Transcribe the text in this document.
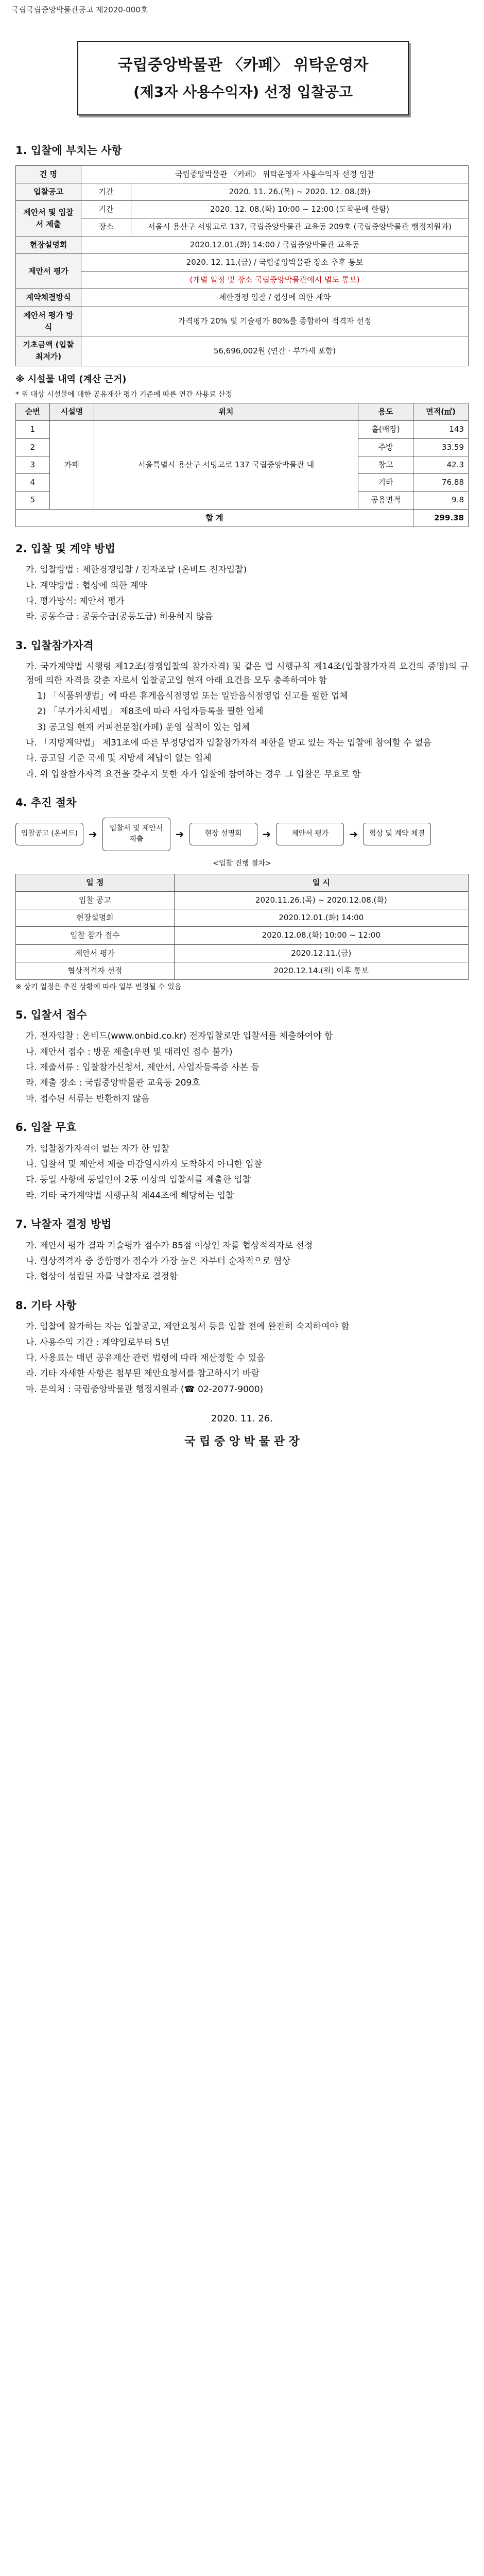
국립국립중앙박물관공고 제2020-000호
국립중앙박물관 〈카페〉 위탁운영자
(제3자 사용수익자) 선정 입찰공고
1. 입찰에 부치는 사항
건 명	국립중앙박물관 〈카페〉 위탁운영자 사용수익자 선정 입찰	
입찰공고	기간	2020. 11. 26.(목) ~ 2020. 12. 08.(화)
제안서 및 입찰서 제출	기간	2020. 12. 08.(화) 10:00 ~ 12:00 (도착분에 한함)
	장소	서울시 용산구 서빙고로 137, 국립중앙박물관 교육동 209호 (국립중앙박물관 행정지원과)
현장설명회	2020.12.01.(화) 14:00 / 국립중앙박물관 교육동	
제안서 평가	2020. 12. 11.(금) / 국립중앙박물관 장소 추후 통보	
	(개별 일정 및 장소 국립중앙박물관에서 별도 통보)	
계약체결방식	제한경쟁 입찰 / 협상에 의한 계약	
제안서 평가 방식	가격평가 20% 및 기술평가 80%를 종합하여 적격자 선정	
기초금액 (입찰 최저가)	56,696,002원 (연간 · 부가세 포함)	
※ 시설물 내역 (계산 근거)

* 위 대상 시설물에 대한 공유재산 평가 기준에 따른 연간 사용료 산정

순번	시설명	위치	용도	면적(㎡)
1	카페	서울특별시 용산구 서빙고로 137 국립중앙박물관 내	홀(매장)	143
2			주방	33.59
3			창고	42.3
4			기타	76.88
5			공용면적	9.8
합 계				299.38
2. 입찰 및 계약 방법

가. 입찰방법 : 제한경쟁입찰 / 전자조달 (온비드 전자입찰)

나. 계약방법 : 협상에 의한 계약

다. 평가방식: 제안서 평가

라. 공동수급 : 공동수급(공동도급) 허용하지 않음

3. 입찰참가자격

가. 국가계약법 시행령 제12조(경쟁입찰의 참가자격) 및 같은 법 시행규칙 제14조(입찰참가자격 요건의 증명)의 규정에 의한 자격을 갖춘 자로서 입찰공고일 현재 아래 요건을 모두 충족하여야 함

1) 「식품위생법」에 따른 휴게음식점영업 또는 일반음식점영업 신고를 필한 업체

2) 「부가가치세법」 제8조에 따라 사업자등록을 필한 업체

3) 공고일 현재 커피전문점(카페) 운영 실적이 있는 업체

나. 「지방계약법」 제31조에 따른 부정당업자 입찰참가자격 제한을 받고 있는 자는 입찰에 참여할 수 없음

다. 공고일 기준 국세 및 지방세 체납이 없는 업체

라. 위 입찰참가자격 요건을 갖추지 못한 자가 입찰에 참여하는 경우 그 입찰은 무효로 함

4. 추진 절차
입찰공고 (온비드)	➜	입찰서 및 제안서 제출	➜	현장 설명회	➜	제안서 평가	➜	협상 및 계약 체결
<입찰 진행 절차>
일 정	일 시
입찰 공고	2020.11.26.(목) ~ 2020.12.08.(화)
현장설명회	2020.12.01.(화) 14:00
입찰 참가 접수	2020.12.08.(화) 10:00 ~ 12:00
제안서 평가	2020.12.11.(금)
협상적격자 선정	2020.12.14.(월) 이후 통보

※ 상기 일정은 추진 상황에 따라 일부 변경될 수 있음

5. 입찰서 접수

가. 전자입찰 : 온비드(www.onbid.co.kr) 전자입찰로만 입찰서를 제출하여야 함

나. 제안서 접수 : 방문 제출(우편 및 대리인 접수 불가)

다. 제출서류 : 입찰참가신청서, 제안서, 사업자등록증 사본 등

라. 제출 장소 : 국립중앙박물관 교육동 209호

마. 접수된 서류는 반환하지 않음

6. 입찰 무효

가. 입찰참가자격이 없는 자가 한 입찰

나. 입찰서 및 제안서 제출 마감일시까지 도착하지 아니한 입찰

다. 동일 사항에 동일인이 2통 이상의 입찰서를 제출한 입찰

라. 기타 국가계약법 시행규칙 제44조에 해당하는 입찰

7. 낙찰자 결정 방법

가. 제안서 평가 결과 기술평가 점수가 85점 이상인 자를 협상적격자로 선정

나. 협상적격자 중 종합평가 점수가 가장 높은 자부터 순차적으로 협상

다. 협상이 성립된 자를 낙찰자로 결정함

8. 기타 사항

가. 입찰에 참가하는 자는 입찰공고, 제안요청서 등을 입찰 전에 완전히 숙지하여야 함

나. 사용수익 기간 : 계약일로부터 5년

다. 사용료는 매년 공유재산 관련 법령에 따라 재산정할 수 있음

라. 기타 자세한 사항은 첨부된 제안요청서를 참고하시기 바람

마. 문의처 : 국립중앙박물관 행정지원과 (☎ 02-2077-9000)

2020. 11. 26.
국 립 중 앙 박 물 관 장
